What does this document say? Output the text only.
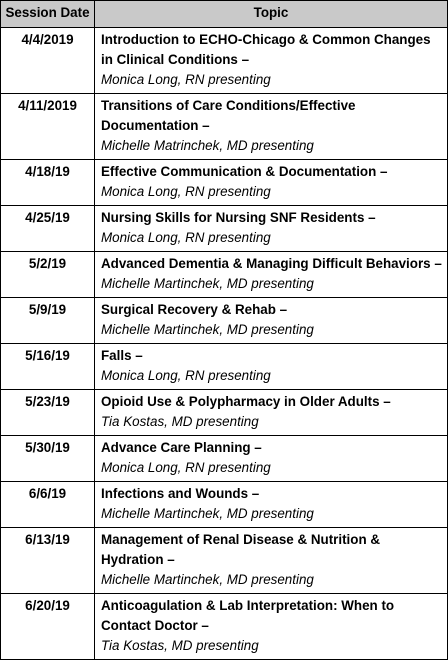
Session Date	Topic
4/4/2019	Introduction to ECHO-Chicago & Common Changes in Clinical Conditions –
Monica Long, RN presenting

4/11/2019	Transitions of Care Conditions/Effective Documentation –
Michelle Matrinchek, MD presenting

4/18/19	Effective Communication & Documentation –
Monica Long, RN presenting

4/25/19	Nursing Skills for Nursing SNF Residents –
Monica Long, RN presenting

5/2/19	Advanced Dementia & Managing Difficult Behaviors –
Michelle Martinchek, MD presenting

5/9/19	Surgical Recovery & Rehab –
Michelle Martinchek, MD presenting

5/16/19	Falls –
Monica Long, RN presenting

5/23/19	Opioid Use & Polypharmacy in Older Adults –
Tia Kostas, MD presenting

5/30/19	Advance Care Planning –
Monica Long, RN presenting

6/6/19	Infections and Wounds –
Michelle Martinchek, MD presenting

6/13/19	Management of Renal Disease & Nutrition & Hydration –
Michelle Martinchek, MD presenting

6/20/19	Anticoagulation & Lab Interpretation: When to Contact Doctor –
Tia Kostas, MD presenting
